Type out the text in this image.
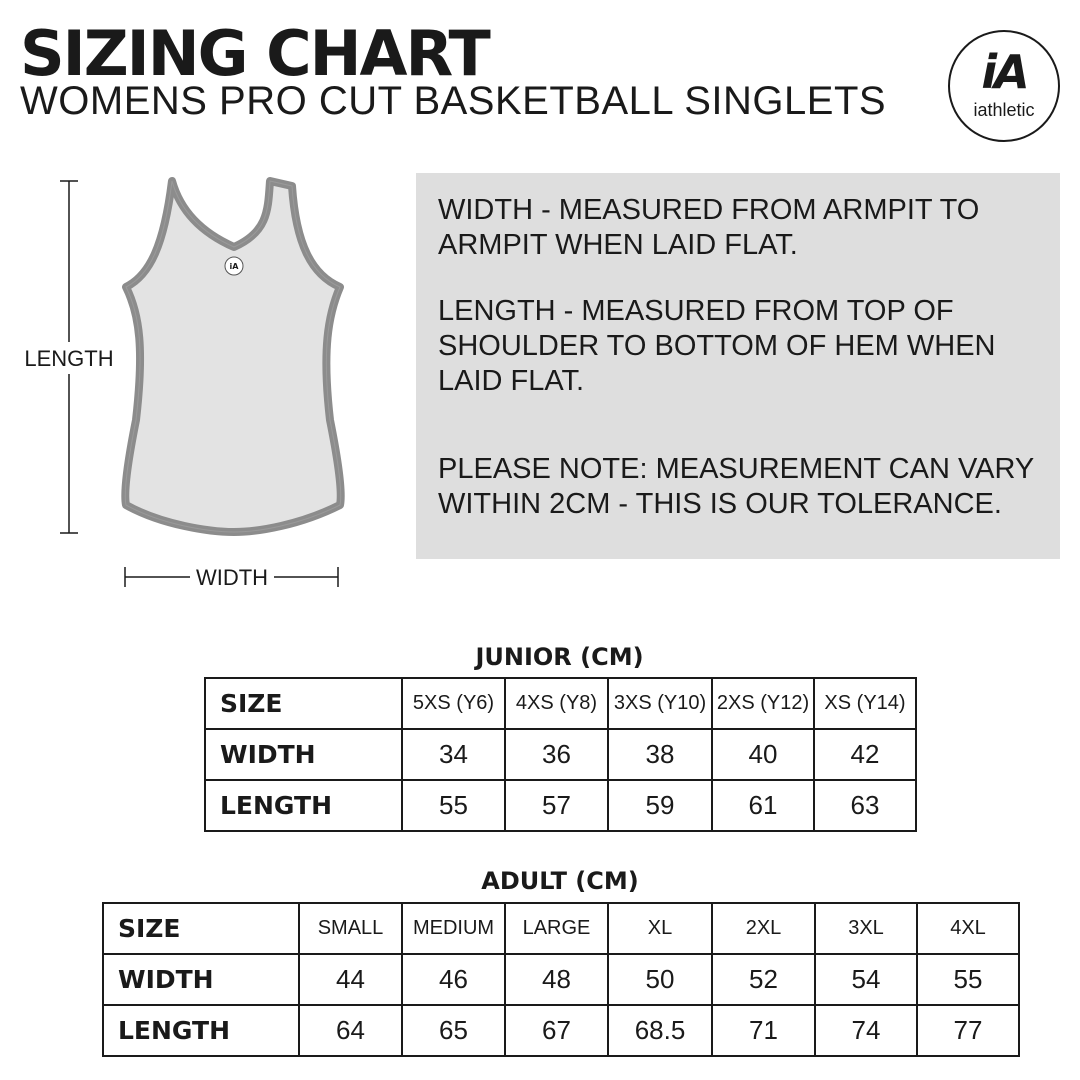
SIZING CHART
WOMENS PRO CUT BASKETBALL SINGLETS
iA
iathletic
LENGTH
WIDTH
iA

WIDTH - MEASURED FROM ARMPIT TO ARMPIT WHEN LAID FLAT.

LENGTH - MEASURED FROM TOP OF SHOULDER TO BOTTOM OF HEM WHEN LAID FLAT.

PLEASE NOTE: MEASUREMENT CAN VARY WITHIN 2CM - THIS IS OUR TOLERANCE.

JUNIOR (CM)
SIZE	5XS (Y6)	4XS (Y8)	3XS (Y10)	2XS (Y12)	XS (Y14)
WIDTH	34	36	38	40	42
LENGTH	55	57	59	61	63
ADULT (CM)
SIZE	SMALL	MEDIUM	LARGE	XL	2XL	3XL	4XL
WIDTH	44	46	48	50	52	54	55
LENGTH	64	65	67	68.5	71	74	77
